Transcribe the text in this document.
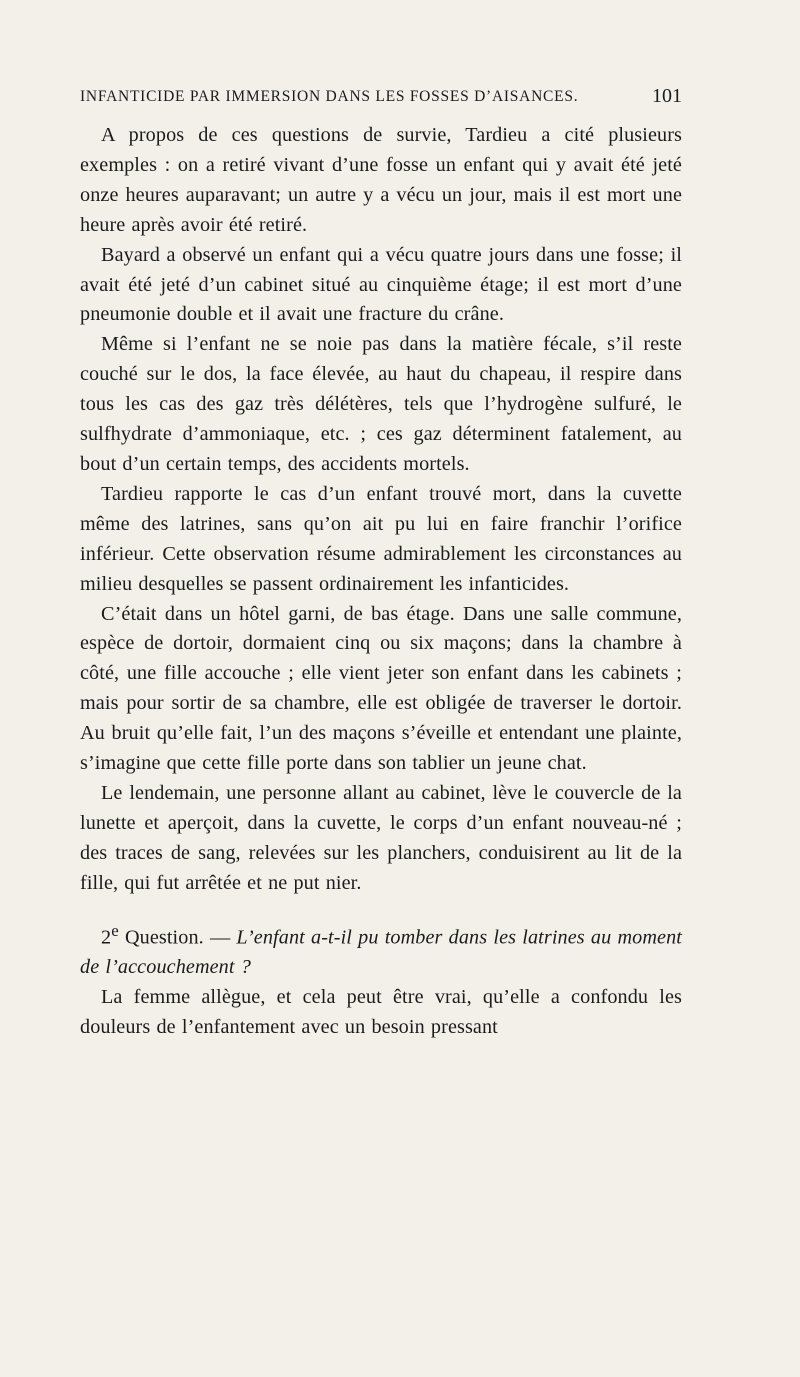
INFANTICIDE PAR IMMERSION DANS LES FOSSES D’AISANCES.	101

A propos de ces questions de survie, Tardieu a cité plusieurs exemples : on a retiré vivant d’une fosse un enfant qui y avait été jeté onze heures auparavant; un autre y a vécu un jour, mais il est mort une heure après avoir été retiré.

Bayard a observé un enfant qui a vécu quatre jours dans une fosse; il avait été jeté d’un cabinet situé au cinquième étage; il est mort d’une pneumonie double et il avait une fracture du crâne.

Même si l’enfant ne se noie pas dans la matière fécale, s’il reste couché sur le dos, la face élevée, au haut du chapeau, il respire dans tous les cas des gaz très délétères, tels que l’hydrogène sulfuré, le sulfhydrate d’ammoniaque, etc. ; ces gaz déterminent fatalement, au bout d’un certain temps, des accidents mortels.

Tardieu rapporte le cas d’un enfant trouvé mort, dans la cuvette même des latrines, sans qu’on ait pu lui en faire franchir l’orifice inférieur. Cette observation résume admirablement les circonstances au milieu desquelles se passent ordinairement les infanticides.

C’était dans un hôtel garni, de bas étage. Dans une salle commune, espèce de dortoir, dormaient cinq ou six maçons; dans la chambre à côté, une fille accouche ; elle vient jeter son enfant dans les cabinets ; mais pour sortir de sa chambre, elle est obligée de traverser le dortoir. Au bruit qu’elle fait, l’un des maçons s’éveille et entendant une plainte, s’imagine que cette fille porte dans son tablier un jeune chat.

Le lendemain, une personne allant au cabinet, lève le couvercle de la lunette et aperçoit, dans la cuvette, le corps d’un enfant nouveau-né ; des traces de sang, relevées sur les planchers, conduisirent au lit de la fille, qui fut arrêtée et ne put nier.

2e Question. — L’enfant a-t-il pu tomber dans les latrines au moment de l’accouchement ?

La femme allègue, et cela peut être vrai, qu’elle a confondu les douleurs de l’enfantement avec un besoin pressant
